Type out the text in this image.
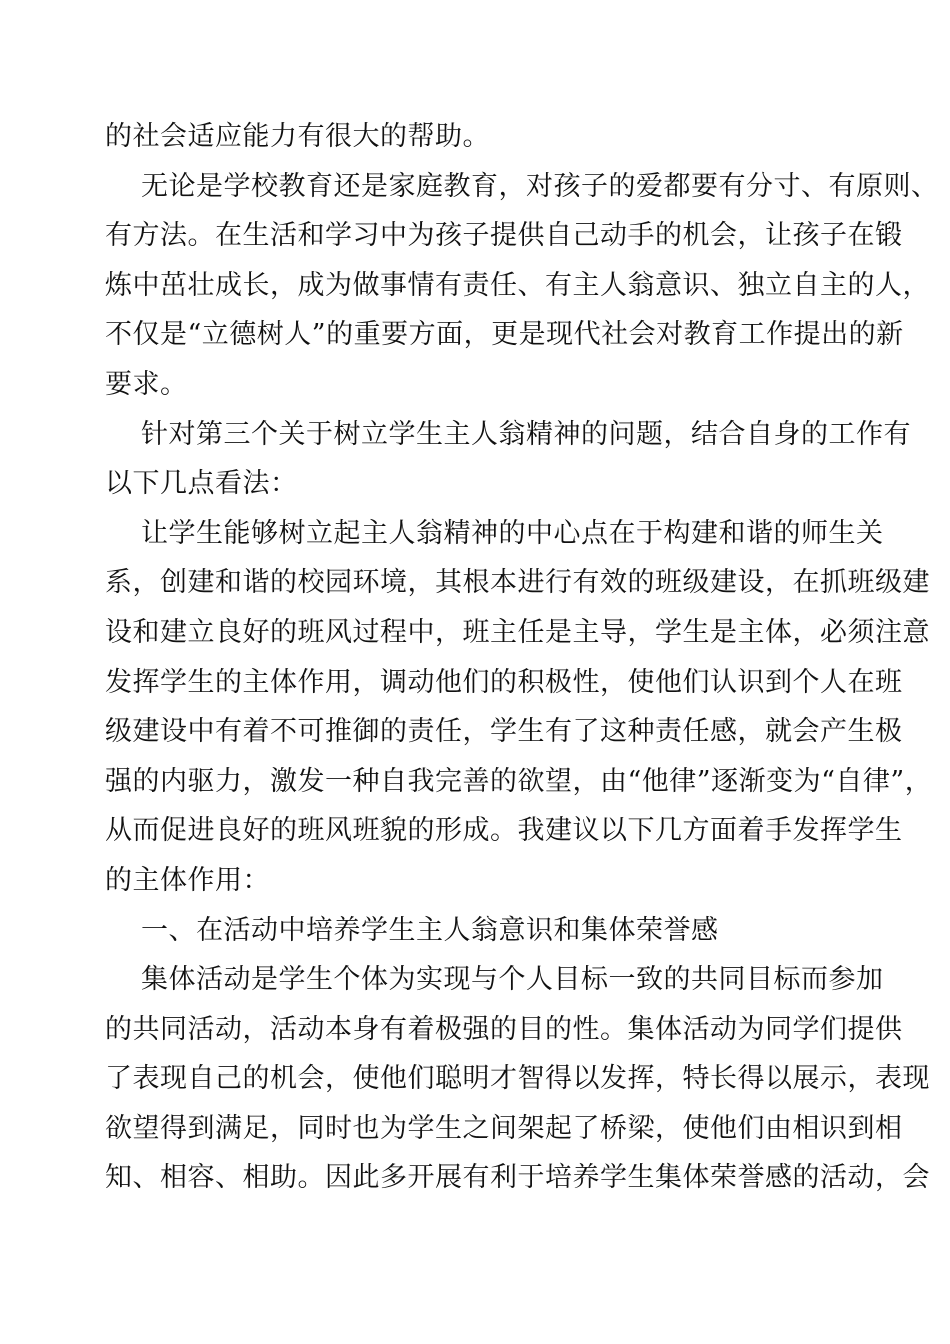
的社会适应能力有很大的帮助。
无论是学校教育还是家庭教育，对孩子的爱都要有分寸、有原则、
有方法。在生活和学习中为孩子提供自己动手的机会，让孩子在锻
炼中茁壮成长，成为做事情有责任、有主人翁意识、独立自主的人，
不仅是“立德树人”的重要方面，更是现代社会对教育工作提出的新
要求。
针对第三个关于树立学生主人翁精神的问题，结合自身的工作有
以下几点看法：
让学生能够树立起主人翁精神的中心点在于构建和谐的师生关
系，创建和谐的校园环境，其根本进行有效的班级建设，在抓班级建
设和建立良好的班风过程中，班主任是主导，学生是主体，必须注意
发挥学生的主体作用，调动他们的积极性，使他们认识到个人在班
级建设中有着不可推御的责任，学生有了这种责任感，就会产生极
强的内驱力，激发一种自我完善的欲望，由“他律”逐渐变为“自律”，
从而促进良好的班风班貌的形成。我建议以下几方面着手发挥学生
的主体作用：
一、在活动中培养学生主人翁意识和集体荣誉感
集体活动是学生个体为实现与个人目标一致的共同目标而参加
的共同活动，活动本身有着极强的目的性。集体活动为同学们提供
了表现自己的机会，使他们聪明才智得以发挥，特长得以展示，表现
欲望得到满足，同时也为学生之间架起了桥梁，使他们由相识到相
知、相容、相助。因此多开展有利于培养学生集体荣誉感的活动，会
